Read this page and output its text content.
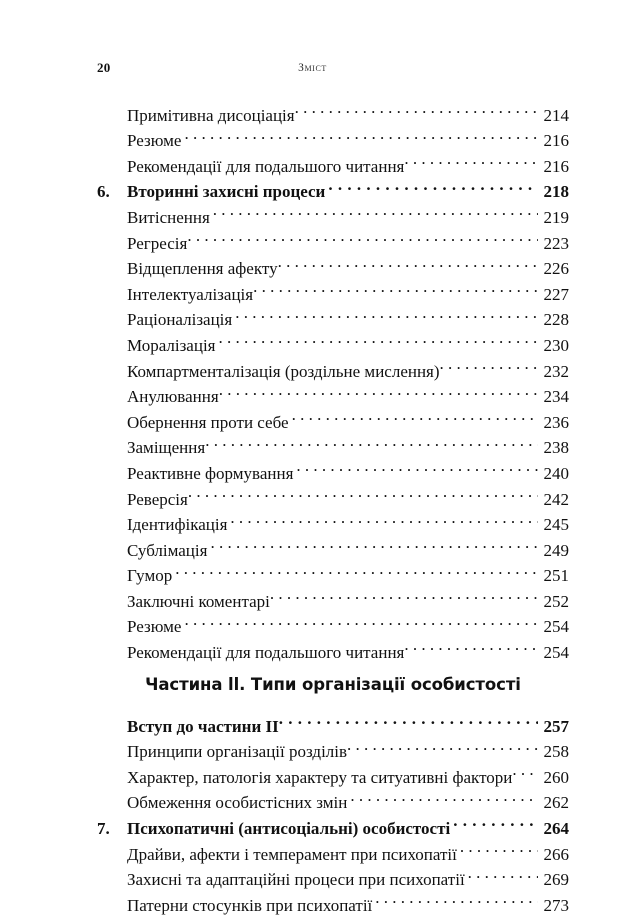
20	Зміст
Примітивна дисоціація . . .	214
Резюме . . .	216
Рекомендації для подальшого читання . . .	216
6.	Вторинні захисні процеси . . .	218
Витіснення . . .	219
Регресія . . .	223
Відщеплення афекту . . .	226
Інтелектуалізація . . .	227
Раціоналізація . . .	228
Моралізація . . .	230
Компартменталізація (роздільне мислення) . . .	232
Анулювання . . .	234
Обернення проти себе . . .	236
Заміщення . . .	238
Реактивне формування . . .	240
Реверсія . . .	242
Ідентифікація . . .	245
Сублімація . . .	249
Гумор . . .	251
Заключні коментарі . . .	252
Резюме . . .	254
Рекомендації для подальшого читання . . .	254
Частина ll. Типи організації особистості
Вступ до частини II . . .	257
Принципи організації розділів . . .	258
Характер, патологія характеру та ситуативні фактори . . .	260
Обмеження особистісних змін . . .	262
7.	Психопатичні (антисоціальні) особистості . . .	264
Драйви, афекти і темперамент при психопатії . . .	266
Захисні та адаптаційні процеси при психопатії . . .	269
Патерни стосунків при психопатії . . .	273
